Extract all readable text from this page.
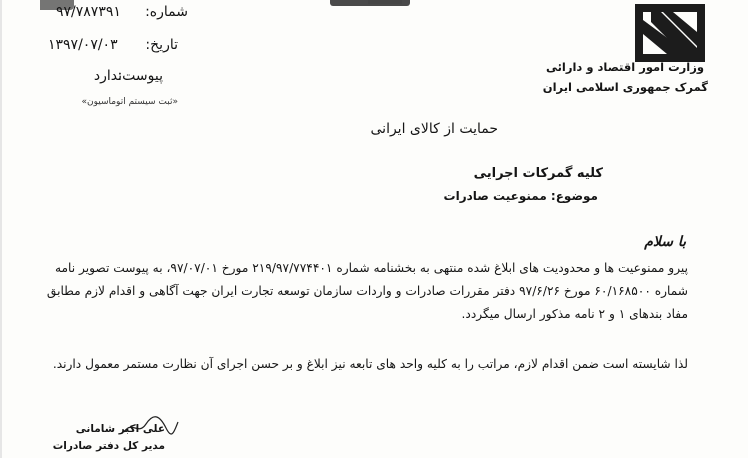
وزارت امور اقتصاد و دارائی
گمرک جمهوری اسلامی ایران
شماره:
۹۷/۷۸۷۳۹۱
تاریخ:
۱۳۹۷/۰۷/۰۳
پیوست:
ندارد
«ثبت سیستم اتوماسیون»
حمایت از کالای ایرانی
کلیه گمرکات اجرایی
موضوع: ممنوعیت صادرات
با سلام
پیرو ممنوعیت ها و محدودیت های ابلاغ شده منتهی به بخشنامه شماره ۲۱۹/۹۷/۷۷۴۴۰۱ مورخ ۹۷/۰۷/۰۱، به پیوست تصویر نامه
شماره ۶۰/۱۶۸۵۰۰ مورخ ۹۷/۶/۲۶ دفتر مقررات صادرات و واردات سازمان توسعه تجارت ایران جهت آگاهی و اقدام لازم مطابق
مفاد بندهای ۱ و ۲ نامه مذکور ارسال میگردد.
لذا شایسته است ضمن اقدام لازم، مراتب را به کلیه واحد های تابعه نیز ابلاغ و بر حسن اجرای آن نظارت مستمر معمول دارند.
علی اکبر شامانی
مدیر کل دفتر صادرات
